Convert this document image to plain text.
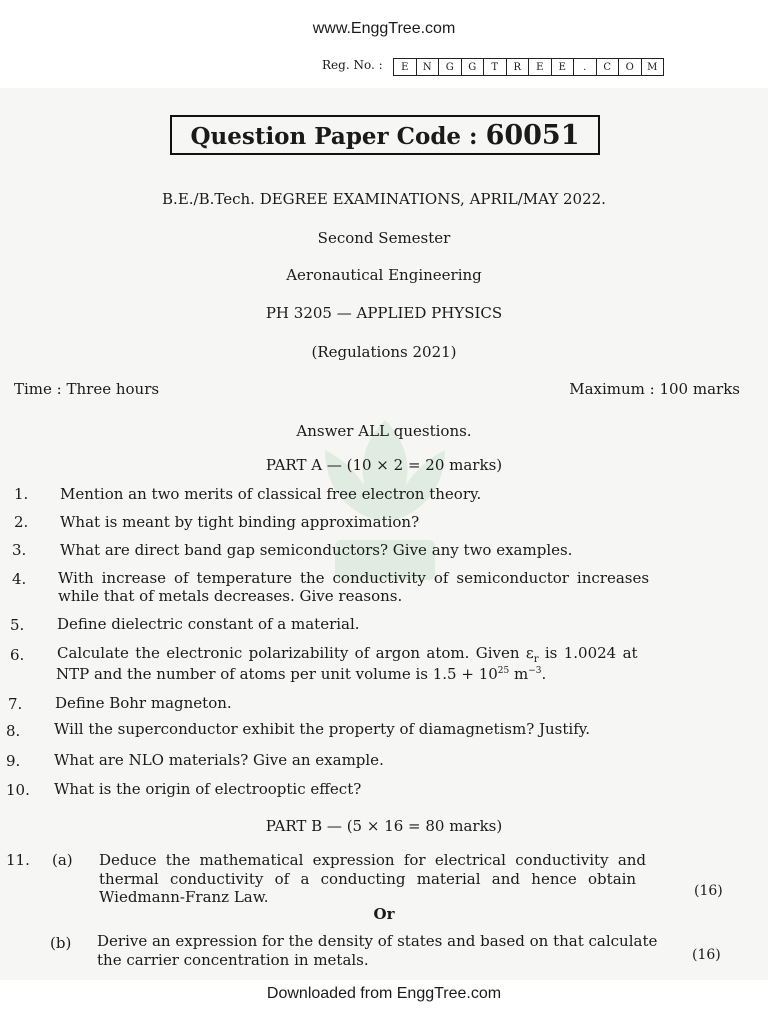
www.EnggTree.com
Reg. No. :	E	N	G	G	T	R	E	E	.	C	O	M
Question Paper Code : 60051
B.E./B.Tech. DEGREE EXAMINATIONS, APRIL/MAY 2022.
Second Semester
Aeronautical Engineering
PH 3205 — APPLIED PHYSICS
(Regulations 2021)
Time : Three hours	Maximum : 100 marks
Answer ALL questions.
PART A — (10 × 2 = 20 marks)
1. Mention an two merits of classical free electron theory.
2. What is meant by tight binding approximation?
3. What are direct band gap semiconductors? Give any two examples.
4. With increase of temperature the conductivity of semiconductor increases
while that of metals decreases. Give reasons.
5. Define dielectric constant of a material.
6. Calculate the electronic polarizability of argon atom. Given $\varepsilon_r$ is 1.0024 at
NTP and the number of atoms per unit volume is $1.5 + 10^{25}$ $m^{-3}$.
7. Define Bohr magneton.
8. Will the superconductor exhibit the property of diamagnetism? Justify.
9. What are NLO materials? Give an example.
10. What is the origin of electrooptic effect?
PART B — (5 × 16 = 80 marks)
11. (a) Deduce the mathematical expression for electrical conductivity and
thermal conductivity of a conducting material and hence obtain
Wiedmann-Franz Law.	(16)
Or
(b) Derive an expression for the density of states and based on that calculate
the carrier concentration in metals.	(16)
Downloaded from EnggTree.com
